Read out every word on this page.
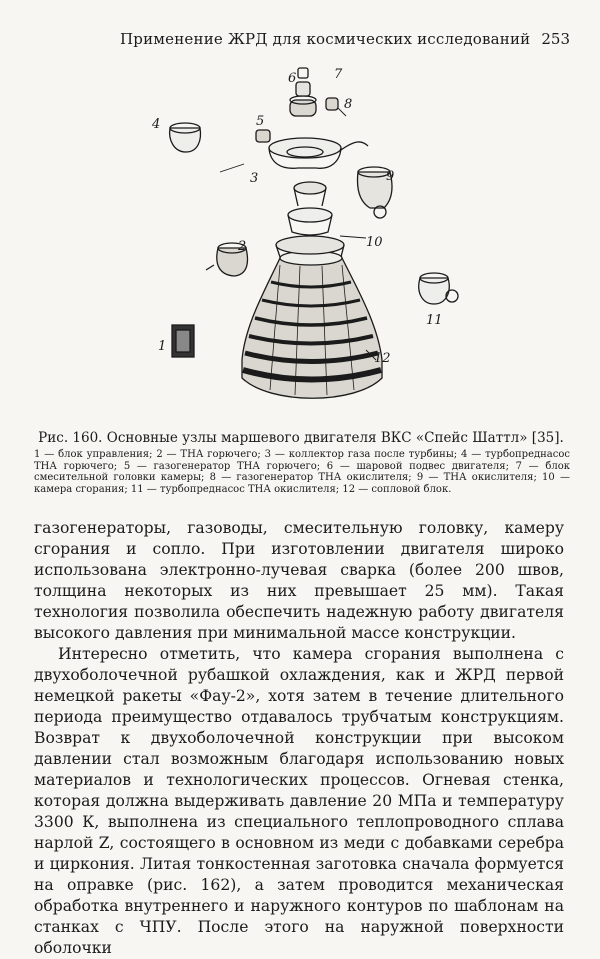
Применение ЖРД для космических исследований 253
6	7
8
5
4
3	9
10
2
11
1
12
Рис. 160. Основные узлы маршевого двигателя ВКС «Спейс Шаттл» [35].

1 — блок управления; 2 — ТНА горючего; 3 — коллектор газа после турбины; 4 — турбопреднасос ТНА горючего; 5 — газогенератор ТНА горючего; 6 — шаровой подвес двигателя; 7 — блок смесительной головки камеры; 8 — газогенератор ТНА окислителя; 9 — ТНА окислителя; 10 — камера сгорания; 11 — турбопреднасос ТНА окислителя; 12 — сопловой блок.

газогенераторы, газоводы, смесительную головку, камеру сгорания и сопло. При изготовлении двигателя широко использована электронно-лучевая сварка (более 200 швов, толщина некоторых из них превышает 25 мм). Такая технология позволила обеспечить надежную работу двигателя высокого давления при минимальной массе конструкции.

Интересно отметить, что камера сгорания выполнена с двухоболочечной рубашкой охлаждения, как и ЖРД первой немецкой ракеты «Фау-2», хотя затем в течение длительного периода преимущество отдавалось трубчатым конструкциям. Возврат к двухоболочечной конструкции при высоком давлении стал возможным благодаря использованию новых материалов и технологических процессов. Огневая стенка, которая должна выдерживать давление 20 МПа и температуру 3300 К, выполнена из специального теплопроводного сплава нарлой Z, состоящего в основном из меди с добавками серебра и циркония. Литая тонкостенная заготовка сначала формуется на оправке (рис. 162), а затем проводится механическая обработка внутреннего и наружного контуров по шаблонам на станках с ЧПУ. После этого на наружной поверхности оболочки
